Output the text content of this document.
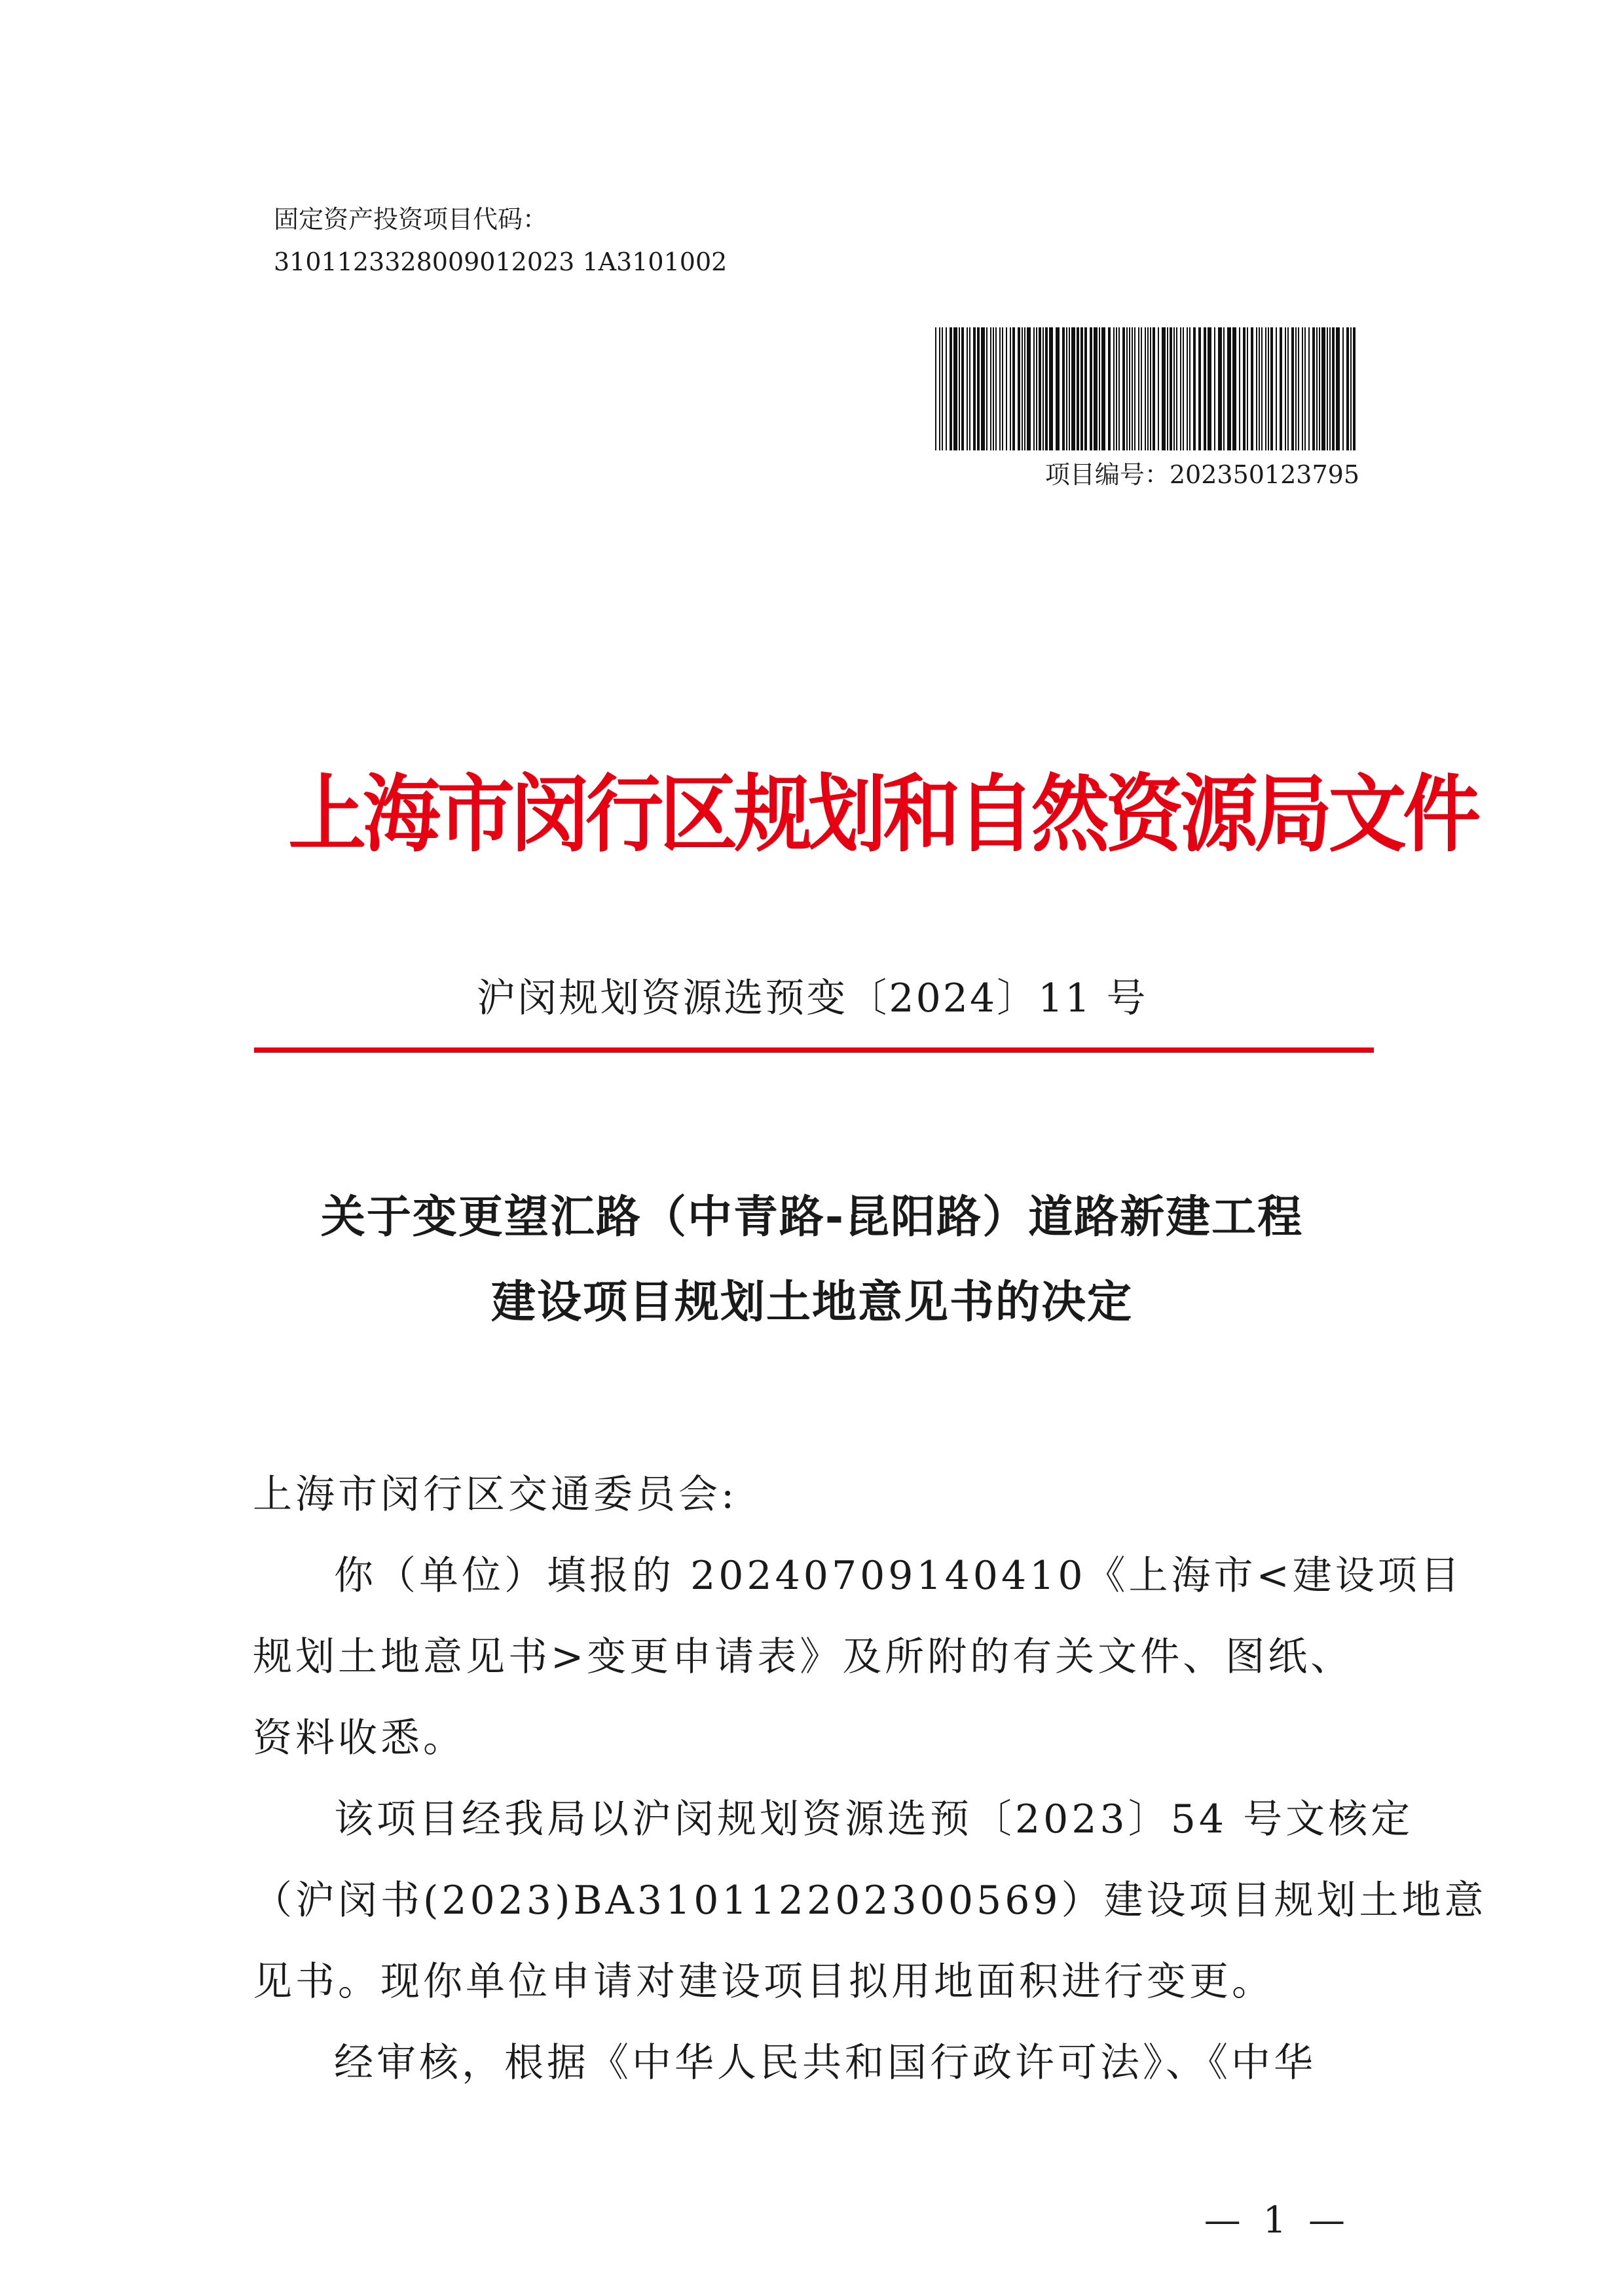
固定资产投资项目代码：
3101123328009012023 1A3101002
项目编号：202350123795
上海市闵行区规划和自然资源局文件
沪闵规划资源选预变〔2024〕11 号
关于变更望汇路（中青路-昆阳路）道路新建工程
建设项目规划土地意见书的决定
上海市闵行区交通委员会:
你（单位）填报的 20240709140410《上海市<建设项目
规划土地意见书>变更申请表》及所附的有关文件、图纸、
资料收悉。
该项目经我局以沪闵规划资源选预〔2023〕54 号文核定
（沪闵书(2023)BA310112202300569）建设项目规划土地意
见书。现你单位申请对建设项目拟用地面积进行变更。
经审核，根据《中华人民共和国行政许可法》、《中华
— 1 —
